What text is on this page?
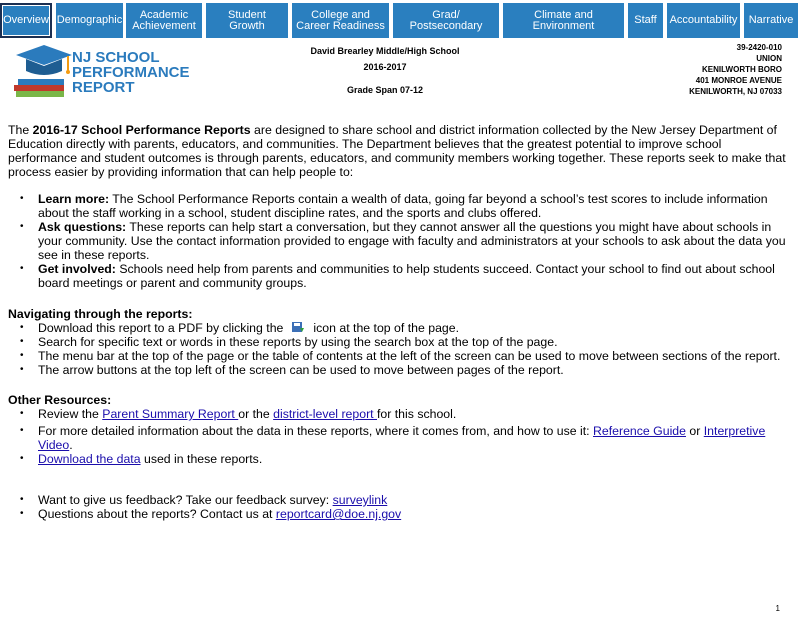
Overview Demographic	Academic
Achievement
Student
Growth
College and
Career Readiness
Grad/
Postsecondary
Climate and
Environment	Staff	Accountability	Narrative
NJ SCHOOL
PERFORMANCE
REPORT
David Brearley Middle/High School
2016-2017
Grade Span 07-12
39-2420-010
UNION
KENILWORTH BORO
401 MONROE AVENUE
KENILWORTH, NJ 07033

The 2016-17 School Performance Reports are designed to share school and district information collected by the New Jersey Department of Education directly with parents, educators, and communities. The Department believes that the greatest potential to improve school performance and student outcomes is through parents, educators, and community members working together. These reports seek to make that process easier by providing information that can help people to:

• Learn more: The School Performance Reports contain a wealth of data, going far beyond a school’s test scores to include information about the staff working in a school, student discipline rates, and the sports and clubs offered.
• Ask questions: These reports can help start a conversation, but they cannot answer all the questions you might have about schools in your community. Use the contact information provided to engage with faculty and administrators at your schools to ask about the data you see in these reports.
• Get involved: Schools need help from parents and communities to help students succeed. Contact your school to find out about school board meetings or parent and community groups.

Navigating through the reports:

• Download this report to a PDF by clicking the icon at the top of the page.
• Search for specific text or words in these reports by using the search box at the top of the page.
• The menu bar at the top of the page or the table of contents at the left of the screen can be used to move between sections of the report.
• The arrow buttons at the top left of the screen can be used to move between pages of the report.

Other Resources:

• Review the Parent Summary Report or the district-level report for this school.
• For more detailed information about the data in these reports, where it comes from, and how to use it: Reference Guide or Interpretive Video.
• Download the data used in these reports.
• Want to give us feedback? Take our feedback survey: surveylink
• Questions about the reports? Contact us at reportcard@doe.nj.gov
1
